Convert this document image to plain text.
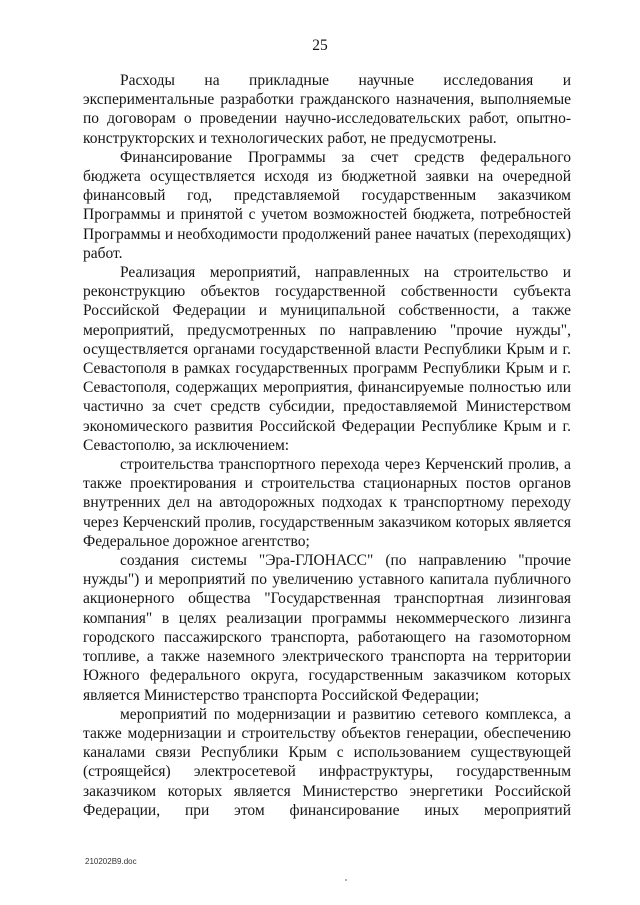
25

Расходы на прикладные научные исследования и экспериментальные разработки гражданского назначения, выполняемые по договорам о проведении научно-исследовательских работ, опытно-конструкторских и технологических работ, не предусмотрены.

Финансирование Программы за счет средств федерального бюджета осуществляется исходя из бюджетной заявки на очередной финансовый год, представляемой государственным заказчиком Программы и принятой с учетом возможностей бюджета, потребностей Программы и необходимости продолжений ранее начатых (переходящих) работ.

Реализация мероприятий, направленных на строительство и реконструкцию объектов государственной собственности субъекта Российской Федерации и муниципальной собственности, а также мероприятий, предусмотренных по направлению "прочие нужды", осуществляется органами государственной власти Республики Крым и г. Севастополя в рамках государственных программ Республики Крым и г. Севастополя, содержащих мероприятия, финансируемые полностью или частично за счет средств субсидии, предоставляемой Министерством экономического развития Российской Федерации Республике Крым и г. Севастополю, за исключением:

строительства транспортного перехода через Керченский пролив, а также проектирования и строительства стационарных постов органов внутренних дел на автодорожных подходах к транспортному переходу через Керченский пролив, государственным заказчиком которых является Федеральное дорожное агентство;

создания системы "Эра-ГЛОНАСС" (по направлению "прочие нужды") и мероприятий по увеличению уставного капитала публичного акционерного общества "Государственная транспортная лизинговая компания" в целях реализации программы некоммерческого лизинга городского пассажирского транспорта, работающего на газомоторном топливе, а также наземного электрического транспорта на территории Южного федерального округа, государственным заказчиком которых является Министерство транспорта Российской Федерации;

мероприятий по модернизации и развитию сетевого комплекса, а также модернизации и строительству объектов генерации, обеспечению каналами связи Республики Крым с использованием существующей (строящейся) электросетевой инфраструктуры, государственным заказчиком которых является Министерство энергетики Российской Федерации, при этом финансирование иных мероприятий

210202В9.doc
